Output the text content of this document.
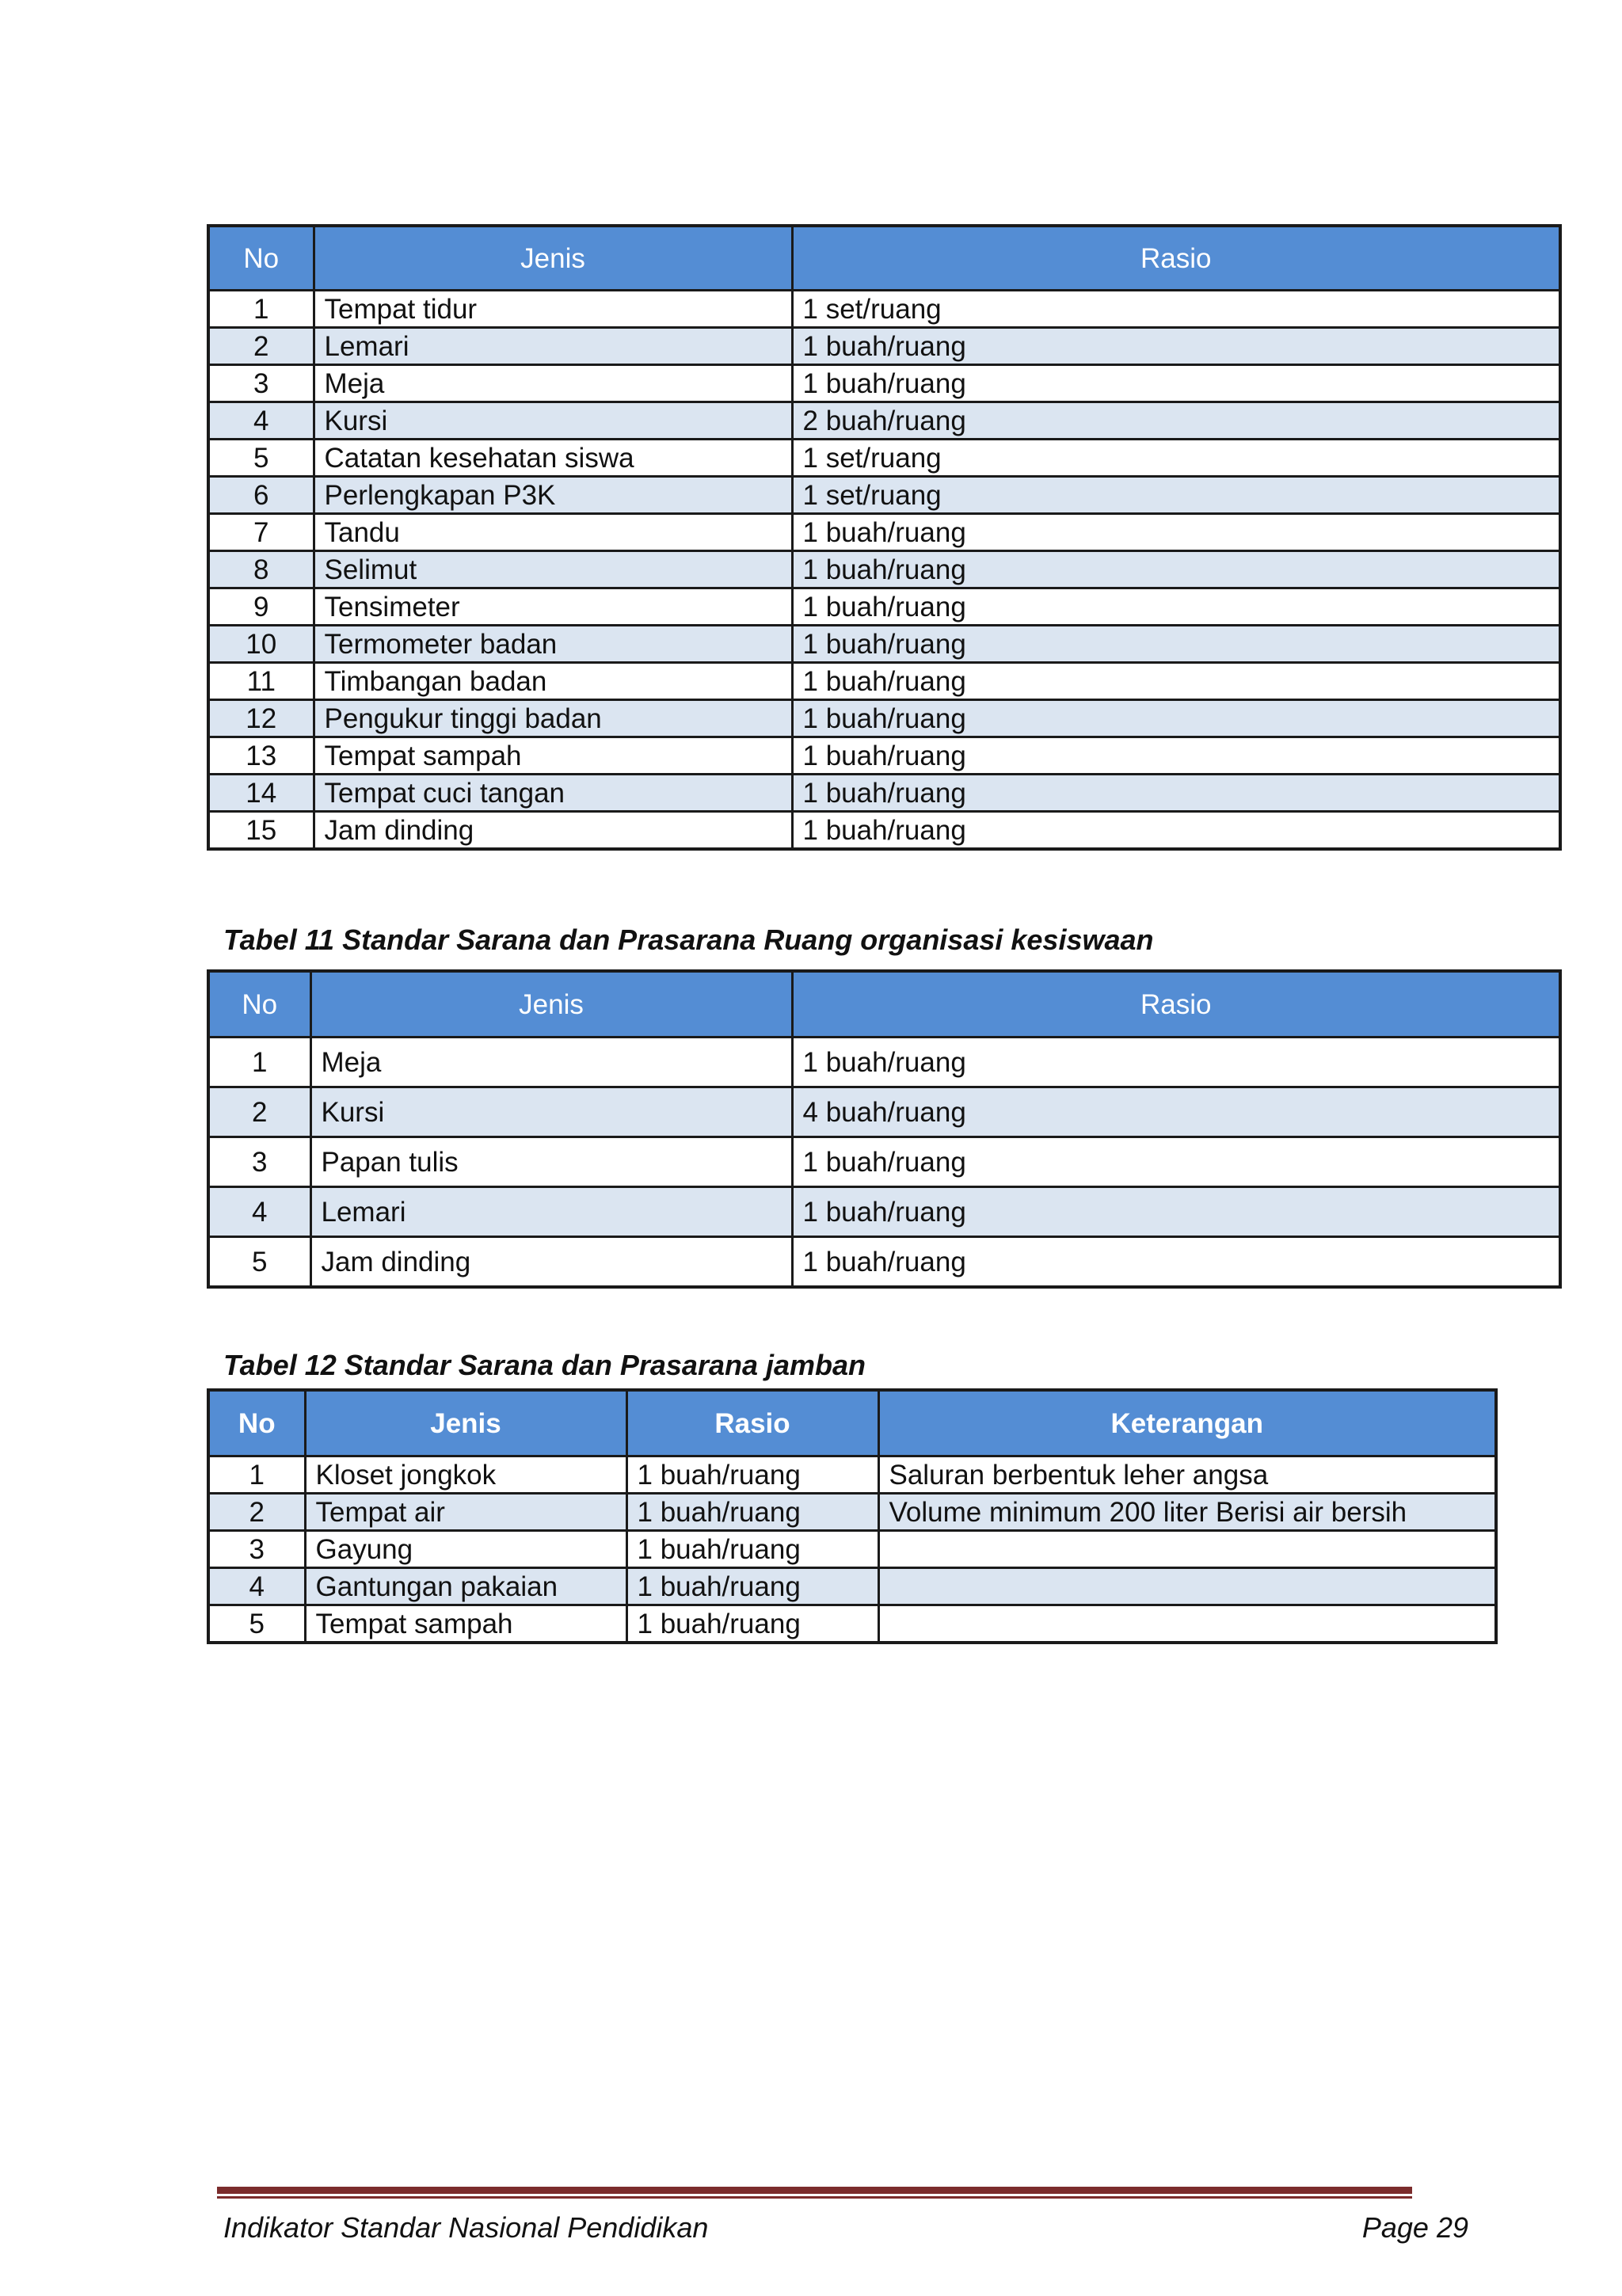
No	Jenis	Rasio
1	Tempat tidur	1 set/ruang
2	Lemari	1 buah/ruang
3	Meja	1 buah/ruang
4	Kursi	2 buah/ruang
5	Catatan kesehatan siswa	1 set/ruang
6	Perlengkapan P3K	1 set/ruang
7	Tandu	1 buah/ruang
8	Selimut	1 buah/ruang
9	Tensimeter	1 buah/ruang
10	Termometer badan	1 buah/ruang
11	Timbangan badan	1 buah/ruang
12	Pengukur tinggi badan	1 buah/ruang
13	Tempat sampah	1 buah/ruang
14	Tempat cuci tangan	1 buah/ruang
15	Jam dinding	1 buah/ruang
Tabel 11 Standar Sarana dan Prasarana Ruang organisasi kesiswaan
No	Jenis	Rasio
1	Meja	1 buah/ruang
2	Kursi	4 buah/ruang
3	Papan tulis	1 buah/ruang
4	Lemari	1 buah/ruang
5	Jam dinding	1 buah/ruang
Tabel 12 Standar Sarana dan Prasarana jamban
No	Jenis	Rasio	Keterangan
1	Kloset jongkok	1 buah/ruang	Saluran berbentuk leher angsa
2	Tempat air	1 buah/ruang	Volume minimum 200 liter Berisi air bersih
3	Gayung	1 buah/ruang	
4	Gantungan pakaian	1 buah/ruang	
5	Tempat sampah	1 buah/ruang	
Indikator Standar Nasional Pendidikan	Page 29
